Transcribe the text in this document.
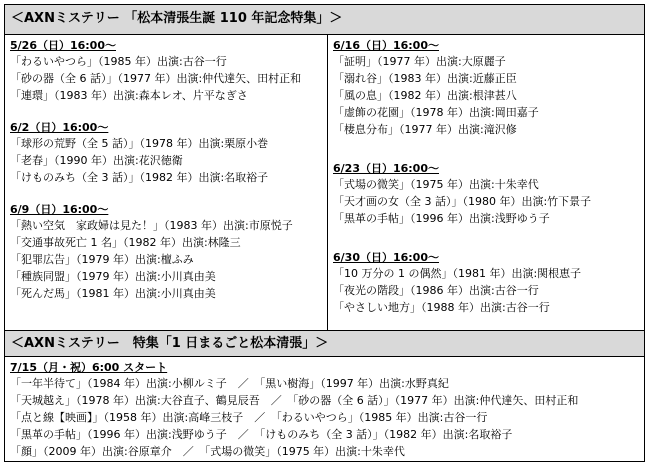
＜AXNミステリー 「松本清張生誕 110 年記念特集」＞
5/26（日）16:00～
「わるいやつら」（1985 年）出演:古谷一行
「砂の器（全 6 話）」（1977 年）出演:仲代達矢、田村正和
「連環」（1983 年）出演:森本レオ、片平なぎさ
6/2（日）16:00～
「球形の荒野（全 5 話）」（1978 年）出演:栗原小巻
「老春」（1990 年）出演:花沢徳衛
「けものみち（全 3 話）」（1982 年）出演:名取裕子
6/9（日）16:00～
「熱い空気　家政婦は見た！」（1983 年）出演:市原悦子
「交通事故死亡 1 名」（1982 年）出演:林隆三
「犯罪広告」（1979 年）出演:檀ふみ
「種族同盟」（1979 年）出演:小川真由美
「死んだ馬」（1981 年）出演:小川真由美
6/16（日）16:00～
「証明」（1977 年）出演:大原麗子
「溺れ谷」（1983 年）出演:近藤正臣
「風の息」（1982 年）出演:根津甚八
「虚飾の花園」（1978 年）出演:岡田嘉子
「棲息分布」（1977 年）出演:滝沢修
6/23（日）16:00～
「式場の微笑」（1975 年）出演:十朱幸代
「天才画の女（全 3 話）」（1980 年）出演:竹下景子
「黒革の手帖」（1996 年）出演:浅野ゆう子
6/30（日）16:00～
「10 万分の 1 の偶然」（1981 年）出演:関根恵子
「夜光の階段」（1986 年）出演:古谷一行
「やさしい地方」（1988 年）出演:古谷一行
＜AXNミステリー　特集「1 日まるごと松本清張」＞
7/15（月・祝）6:00 スタート
「一年半待て」（1984 年）出演:小柳ルミ子　／　「黒い樹海」（1997 年）出演:水野真紀
「天城越え」（1978 年）出演:大谷直子、鶴見辰吾　／　「砂の器（全 6 話）」（1977 年）出演:仲代達矢、田村正和
「点と線【映画】」（1958 年）出演:高峰三枝子　／　「わるいやつら」（1985 年）出演:古谷一行
「黒革の手帖」（1996 年）出演:浅野ゆう子　／　「けものみち（全 3 話）」（1982 年）出演:名取裕子
「顔」（2009 年）出演:谷原章介　／　「式場の微笑」（1975 年）出演:十朱幸代
